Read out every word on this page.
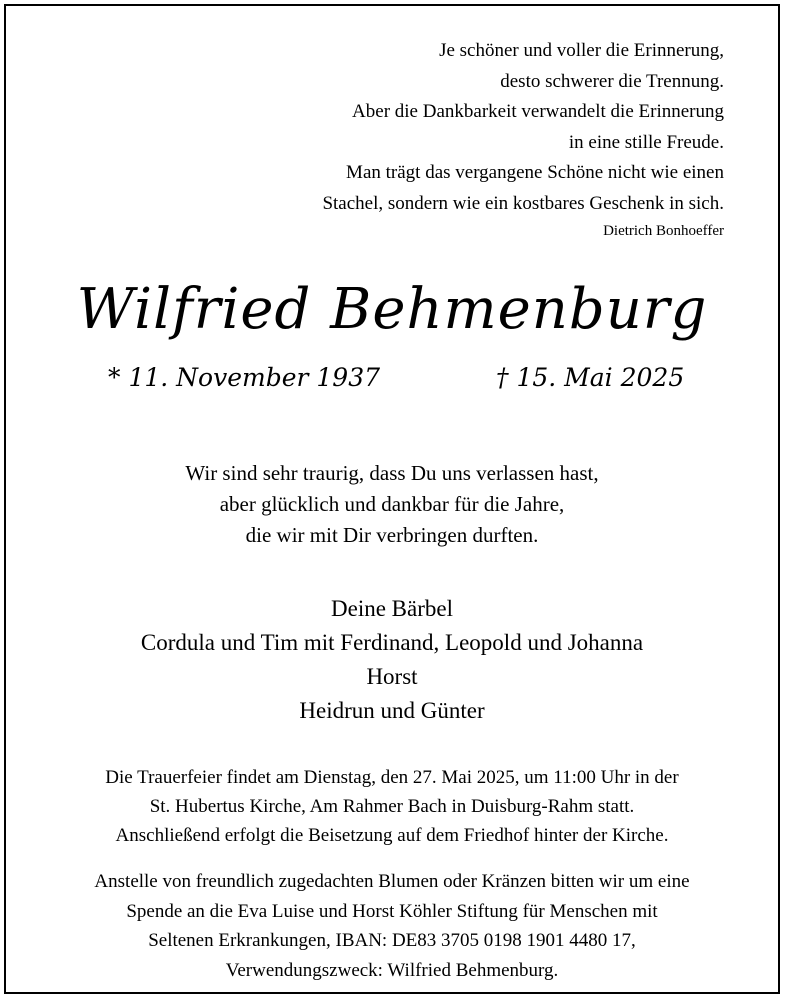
Je schöner und voller die Erinnerung,
desto schwerer die Trennung.
Aber die Dankbarkeit verwandelt die Erinnerung
in eine stille Freude.
Man trägt das vergangene Schöne nicht wie einen
Stachel, sondern wie ein kostbares Geschenk in sich.
Dietrich Bonhoeffer
Wilfried Behmenburg
* 11. November 1937	† 15. Mai 2025
Wir sind sehr traurig, dass Du uns verlassen hast,
aber glücklich und dankbar für die Jahre,
die wir mit Dir verbringen durften.
Deine Bärbel
Cordula und Tim mit Ferdinand, Leopold und Johanna
Horst
Heidrun und Günter
Die Trauerfeier findet am Dienstag, den 27. Mai 2025, um 11:00 Uhr in der
St. Hubertus Kirche, Am Rahmer Bach in Duisburg-Rahm statt.
Anschließend erfolgt die Beisetzung auf dem Friedhof hinter der Kirche.
Anstelle von freundlich zugedachten Blumen oder Kränzen bitten wir um eine
Spende an die Eva Luise und Horst Köhler Stiftung für Menschen mit
Seltenen Erkrankungen, IBAN: DE83 3705 0198 1901 4480 17,
Verwendungszweck: Wilfried Behmenburg.
